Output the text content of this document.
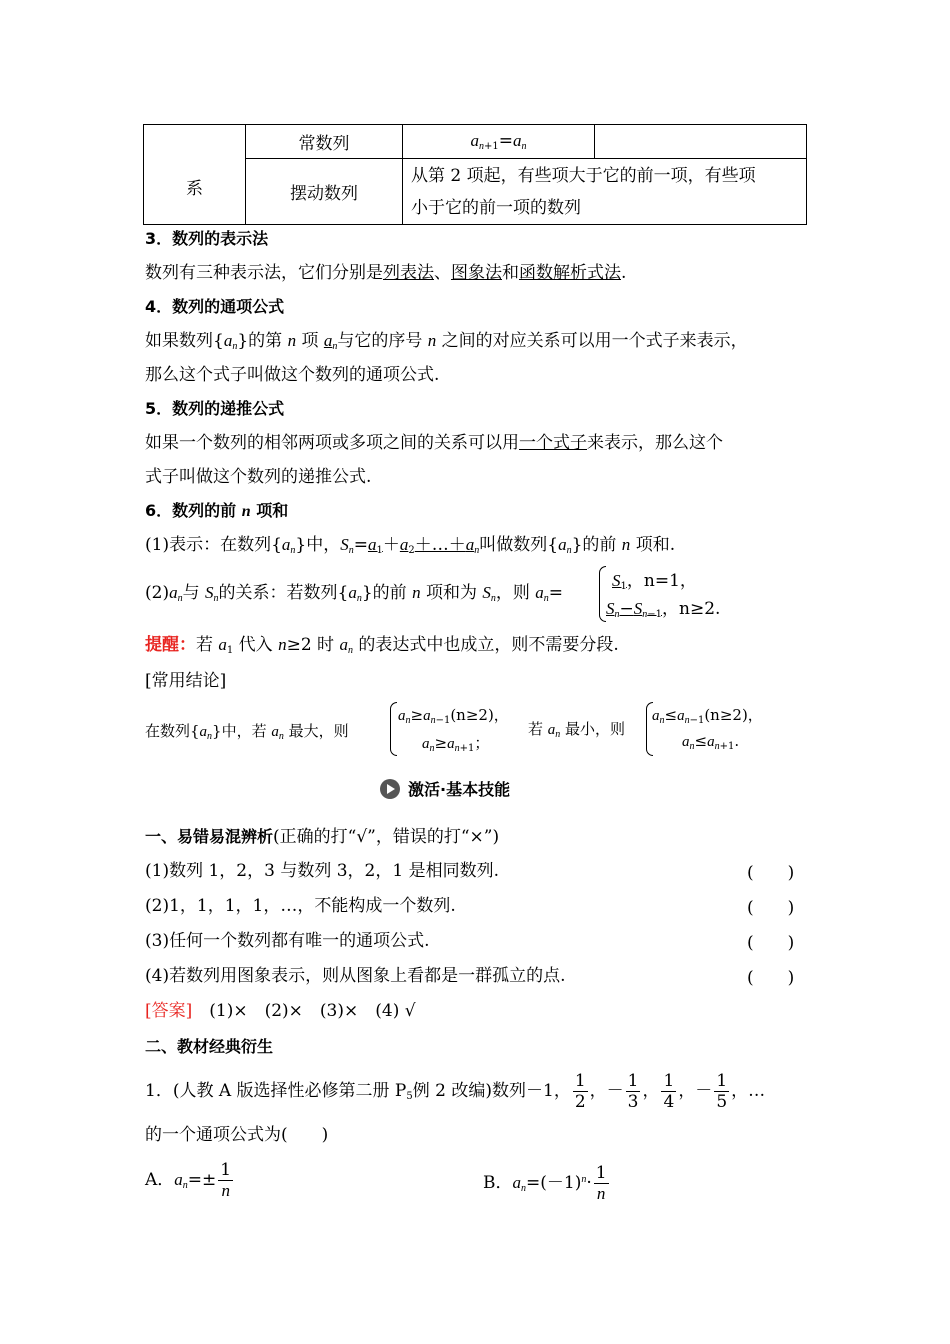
系	常数列	$a_{n+1}=a_n$	
	摆动数列	从第 2 项起，有些项大于它的前一项，有些项
小于它的前一项的数列	
3．数列的表示法
数列有三种表示法，它们分别是列表法、图象法和函数解析式法.
4．数列的通项公式
如果数列$\{a_n\}$的第 n 项 $a_n$与它的序号 n 之间的对应关系可以用一个式子来表示，
那么这个式子叫做这个数列的通项公式.
5．数列的递推公式
如果一个数列的相邻两项或多项之间的关系可以用一个式子来表示，那么这个
式子叫做这个数列的递推公式.
6．数列的前 n 项和
(1)表示：在数列$\{a_n\}$中，$S_n=a_1+a_2+\dots+a_n$叫做数列$\{a_n\}$的前 n 项和.
$(2)a_n$与 $S_n$的关系：若数列$\{a_n\}$的前 n 项和为 $S_n$，则 $a_n=$
$S_1$，n=1，
$S_n-S_{n-1}$，n≥2.
提醒：若 $a_1$ 代入 n≥2 时 $a_n$ 的表达式中也成立，则不需要分段.
[常用结论]
在数列$\{a_n\}$中，若 $a_n$ 最大，则
$a_n\ge a_{n-1}(n\ge 2)$，
$a_n\ge a_{n+1}$；
若 $a_n$ 最小，则
$a_n\le a_{n-1}(n\ge 2)$，
$a_n\le a_{n+1}$.
激活·基本技能
一、易错易混辨析(正确的打“√”，错误的打“×”)
(1)数列 1，2，3 与数列 3，2，1 是相同数列.	(　　)
(2)1，1，1，1，…，不能构成一个数列.	(　　)
(3)任何一个数列都有唯一的通项公式.	(　　)
(4)若数列用图象表示，则从图象上看都是一群孤立的点.	(　　)
[答案]　 (1)×　(2)×　(3)×　(4) √
二、教材经典衍生
1．(人教 A 版选择性必修第二册 $P_5$例 2 改编)数列－1， $\frac{1}{2}$ ，－ $\frac{1}{3}$ ， $\frac{1}{4}$ ，－ $\frac{1}{5}$ ，…
的一个通项公式为(　　)
A．$a_n=\pm \frac{1}{n}$	B．$a_n=(-1)^n\cdot \frac{1}{n}$
